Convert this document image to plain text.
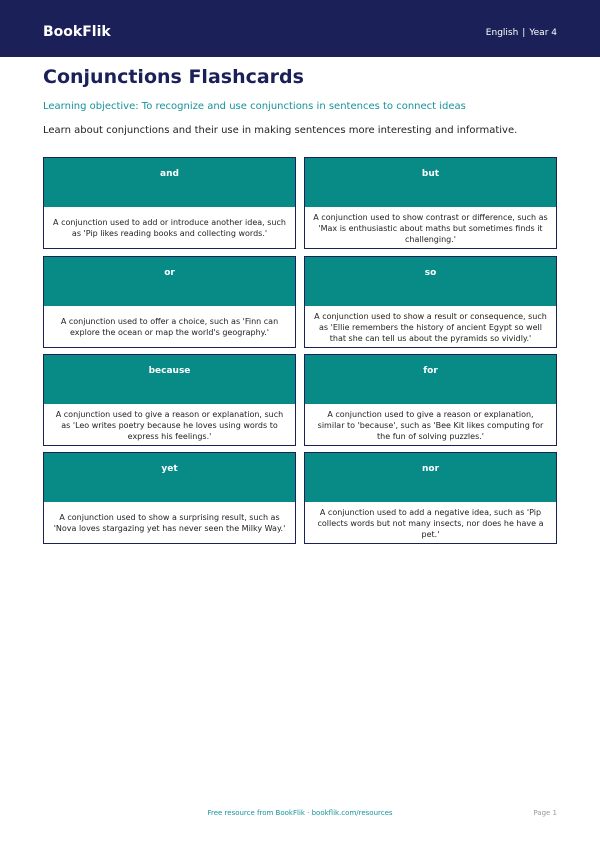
BookFlik	English | Year 4
Conjunctions Flashcards
Learning objective: To recognize and use conjunctions in sentences to connect ideas
Learn about conjunctions and their use in making sentences more interesting and informative.
and
A conjunction used to add or introduce another idea, such as 'Pip likes reading books and collecting words.'
but
A conjunction used to show contrast or difference, such as 'Max is enthusiastic about maths but sometimes finds it challenging.'
or
A conjunction used to offer a choice, such as 'Finn can explore the ocean or map the world's geography.'
so
A conjunction used to show a result or consequence, such as 'Ellie remembers the history of ancient Egypt so well that she can tell us about the pyramids so vividly.'
because
A conjunction used to give a reason or explanation, such as 'Leo writes poetry because he loves using words to express his feelings.'
for
A conjunction used to give a reason or explanation, similar to 'because', such as 'Bee Kit likes computing for the fun of solving puzzles.'
yet
A conjunction used to show a surprising result, such as 'Nova loves stargazing yet has never seen the Milky Way.'
nor
A conjunction used to add a negative idea, such as 'Pip collects words but not many insects, nor does he have a pet.'
Free resource from BookFlik · bookflik.com/resources	Page 1
